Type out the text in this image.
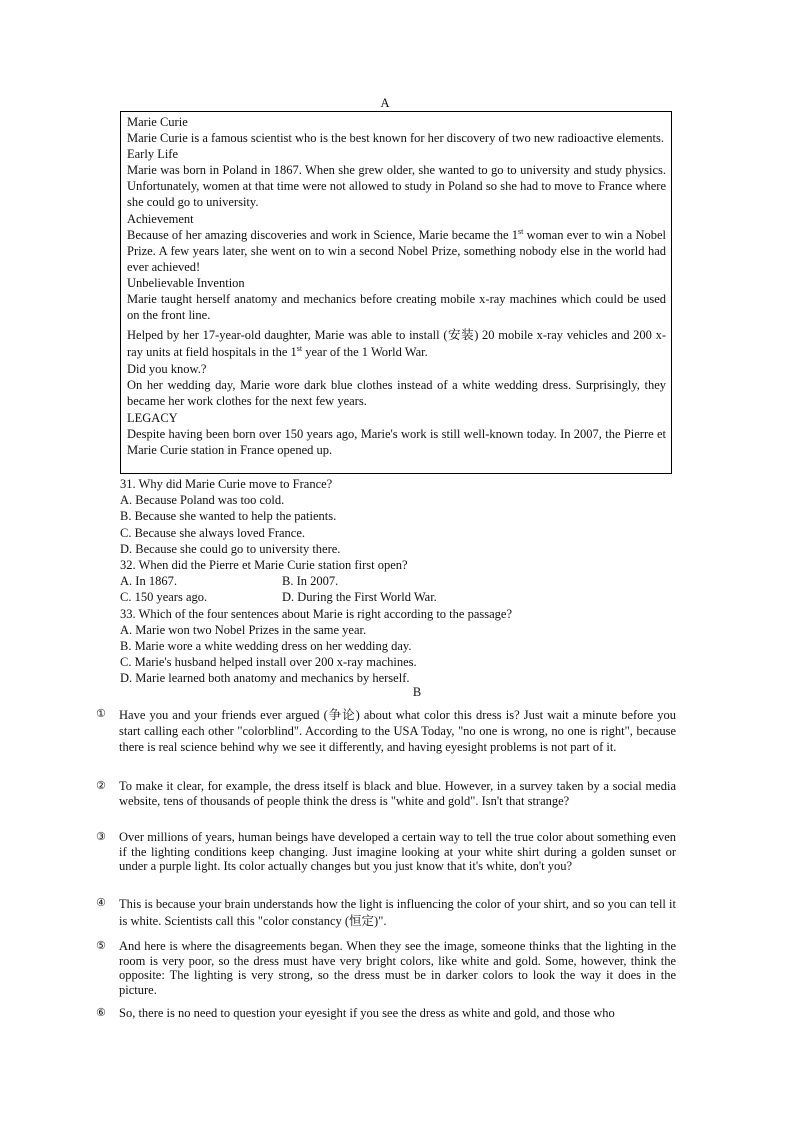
A

Marie Curie

Marie Curie is a famous scientist who is the best known for her discovery of two new radioactive elements.

Early Life

Marie was born in Poland in 1867. When she grew older, she wanted to go to university and study physics. Unfortunately, women at that time were not allowed to study in Poland so she had to move to France where she could go to university.

Achievement

Because of her amazing discoveries and work in Science, Marie became the 1st woman ever to win a Nobel Prize. A few years later, she went on to win a second Nobel Prize, something nobody else in the world had ever achieved!

Unbelievable Invention

Marie taught herself anatomy and mechanics before creating mobile x-ray machines which could be used on the front line.

Helped by her 17-year-old daughter, Marie was able to install (安装) 20 mobile x-ray vehicles and 200 x-ray units at field hospitals in the 1st year of the 1 World War.

Did you know.?

On her wedding day, Marie wore dark blue clothes instead of a white wedding dress. Surprisingly, they became her work clothes for the next few years.

LEGACY

Despite having been born over 150 years ago, Marie's work is still well-known today. In 2007, the Pierre et Marie Curie station in France opened up.

31. Why did Marie Curie move to France?

A. Because Poland was too cold.

B. Because she wanted to help the patients.

C. Because she always loved France.

D. Because she could go to university there.

32. When did the Pierre et Marie Curie station first open?

A. In 1867.	B. In 2007.
C. 150 years ago.	D. During the First World War.

33. Which of the four sentences about Marie is right according to the passage?

A. Marie won two Nobel Prizes in the same year.

B. Marie wore a white wedding dress on her wedding day.

C. Marie's husband helped install over 200 x-ray machines.

D. Marie learned both anatomy and mechanics by herself.

B
① Have you and your friends ever argued (争论) about what color this dress is? Just wait a minute before you start calling each other "colorblind". According to the USA Today, "no one is wrong, no one is right", because there is real science behind why we see it differently, and having eyesight problems is not part of it.
② To make it clear, for example, the dress itself is black and blue. However, in a survey taken by a social media website, tens of thousands of people think the dress is "white and gold". Isn't that strange?
③ Over millions of years, human beings have developed a certain way to tell the true color about something even if the lighting conditions keep changing. Just imagine looking at your white shirt during a golden sunset or under a purple light. Its color actually changes but you just know that it's white, don't you?
④ This is because your brain understands how the light is influencing the color of your shirt, and so you can tell it is white. Scientists call this "color constancy (恒定)".
⑤ And here is where the disagreements began. When they see the image, someone thinks that the lighting in the room is very poor, so the dress must have very bright colors, like white and gold. Some, however, think the opposite: The lighting is very strong, so the dress must be in darker colors to look the way it does in the picture.
⑥ So, there is no need to question your eyesight if you see the dress as white and gold, and those who
